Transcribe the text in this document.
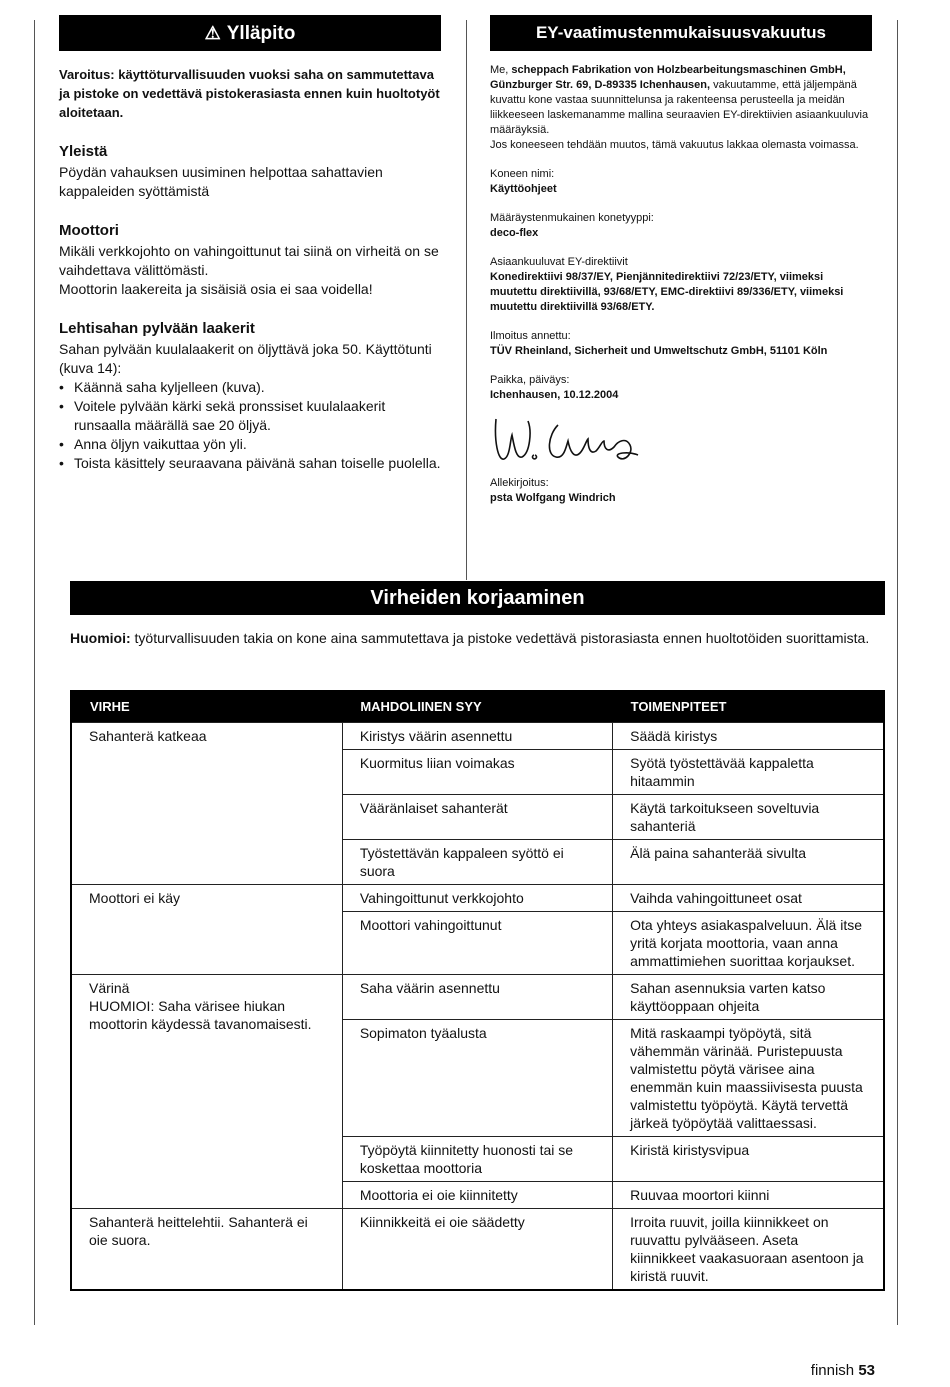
⚠ Ylläpito

Varoitus: käyttöturvallisuuden vuoksi saha on sammutettava ja pistoke on vedettävä pistokerasiasta ennen kuin huoltotyöt aloitetaan.

Yleistä

Pöydän vahauksen uusiminen helpottaa sahattavien kappaleiden syöttämistä

Moottori

Mikäli verkkojohto on vahingoittunut tai siinä on virheitä on se vaihdettava välittömästi.

Moottorin laakereita ja sisäisiä osia ei saa voidella!

Lehtisahan pylvään laakerit

Sahan pylvään kuulalaakerit on öljyttävä joka 50. Käyttötunti (kuva 14):

• Käännä saha kyljelleen (kuva).
• Voitele pylvään kärki sekä pronssiset kuulalaakerit runsaalla määrällä sae 20 öljyä.
• Anna öljyn vaikuttaa yön yli.
• Toista käsittely seuraavana päivänä sahan toiselle puolella.
EY-vaatimustenmukaisuusvakuutus
Me, scheppach Fabrikation von Holzbearbeitungsmaschinen GmbH, Günzburger Str. 69, D-89335 Ichenhausen, vakuutamme, että jäljempänä kuvattu kone vastaa suunnittelunsa ja rakenteensa perusteella ja meidän liikkeeseen laskemanamme mallina seuraavien EY-direktiivien asiaankuuluvia määräyksiä.
Jos koneeseen tehdään muutos, tämä vakuutus lakkaa olemasta voimassa.
Koneen nimi:
Käyttöohjeet
Määräystenmukainen konetyyppi:
deco-flex
Asiaankuuluvat EY-direktiivit
Konedirektiivi 98/37/EY, Pienjännitedirektiivi 72/23/ETY, viimeksi muutettu direktiivillä, 93/68/ETY, EMC-direktiivi 89/336/ETY, viimeksi muutettu direktiivillä 93/68/ETY.
Ilmoitus annettu:
TÜV Rheinland, Sicherheit und Umweltschutz GmbH, 51101 Köln
Paikka, päiväys:
Ichenhausen, 10.12.2004
Allekirjoitus:
psta Wolfgang Windrich
Virheiden korjaaminen
Huomioi: työturvallisuuden takia on kone aina sammutettava ja pistoke vedettävä pistorasiasta ennen huoltotöiden suorittamista.
VIRHE	MAHDOLIINEN SYY	TOIMENPITEET

Sahanterä katkeaa	Kiristys väärin asennettu	Säädä kiristys
	Kuormitus liian voimakas	Syötä työstettävää kappaletta hitaammin
	Vääränlaiset sahanterät	Käytä tarkoitukseen soveltuvia sahanteriä
	Työstettävän kappaleen syöttö ei suora	Älä paina sahanterää sivulta

Moottori ei käy	Vahingoittunut verkkojohto	Vaihda vahingoittuneet osat
	Moottori vahingoittunut	Ota yhteys asiakaspalveluun. Älä itse yritä korjata moottoria, vaan anna ammattimiehen suorittaa korjaukset.

Värinä
HUOMIOI: Saha värisee hiukan moottorin käydessä tavanomaisesti.	Saha väärin asennettu	Sahan asennuksia varten katso käyttöoppaan ohjeita
	Sopimaton tyäalusta	Mitä raskaampi työpöytä, sitä vähemmän värinää. Puristepuusta valmistettu pöytä värisee aina enemmän kuin maassiivisesta puusta valmistettu työpöytä. Käytä tervettä järkeä työpöytää valittaessasi.
	Työpöytä kiinnitetty huonosti tai se koskettaa moottoria	Kiristä kiristysvipua
	Moottoria ei oie kiinnitetty	Ruuvaa moortori kiinni

Sahanterä heittelehtii. Sahanterä ei oie suora.	Kiinnikkeitä ei oie säädetty	Irroita ruuvit, joilla kiinnikkeet on ruuvattu pylvääseen. Aseta kiinnikkeet vaakasuoraan asentoon ja kiristä ruuvit.
finnish 53
